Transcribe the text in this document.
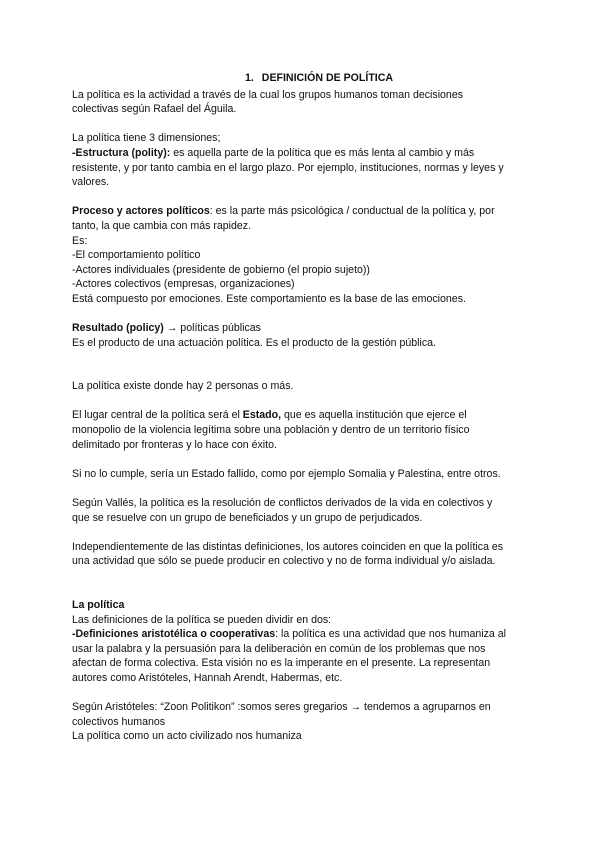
1. DEFINICIÓN DE POLÍTICA

La política es la actividad a través de la cual los grupos humanos toman decisiones

colectivas según Rafael del Águila.

La política tiene 3 dimensiones;

-Estructura (polity): es aquella parte de la política que es más lenta al cambio y más

resistente, y por tanto cambia en el largo plazo. Por ejemplo, instituciones, normas y leyes y

valores.

Proceso y actores políticos: es la parte más psicológica / conductual de la política y, por

tanto, la que cambia con más rapidez.

Es:

-El comportamiento político

-Actores individuales (presidente de gobierno (el propio sujeto))

-Actores colectivos (empresas, organizaciones)

Está compuesto por emociones. Este comportamiento es la base de las emociones.

Resultado (policy) → políticas públicas

Es el producto de una actuación política. Es el producto de la gestión pública.

La política existe donde hay 2 personas o más.

El lugar central de la política será el Estado, que es aquella institución que ejerce el

monopolio de la violencia legítima sobre una población y dentro de un territorio físico

delimitado por fronteras y lo hace con éxito.

Si no lo cumple, sería un Estado fallido, como por ejemplo Somalia y Palestina, entre otros.

Según Vallés, la política es la resolución de conflictos derivados de la vida en colectivos y

que se resuelve con un grupo de beneficiados y un grupo de perjudicados.

Independientemente de las distintas definiciones, los autores coinciden en que la política es

una actividad que sólo se puede producir en colectivo y no de forma individual y/o aislada.

La política

Las definiciones de la política se pueden dividir en dos:

-Definiciones aristotélica o cooperativas: la política es una actividad que nos humaniza al

usar la palabra y la persuasión para la deliberación en común de los problemas que nos

afectan de forma colectiva. Esta visión no es la imperante en el presente. La representan

autores como Aristóteles, Hannah Arendt, Habermas, etc.

Según Aristóteles: “Zoon Politikon” :somos seres gregarios → tendemos a agruparnos en

colectivos humanos

La política como un acto civilizado nos humaniza
